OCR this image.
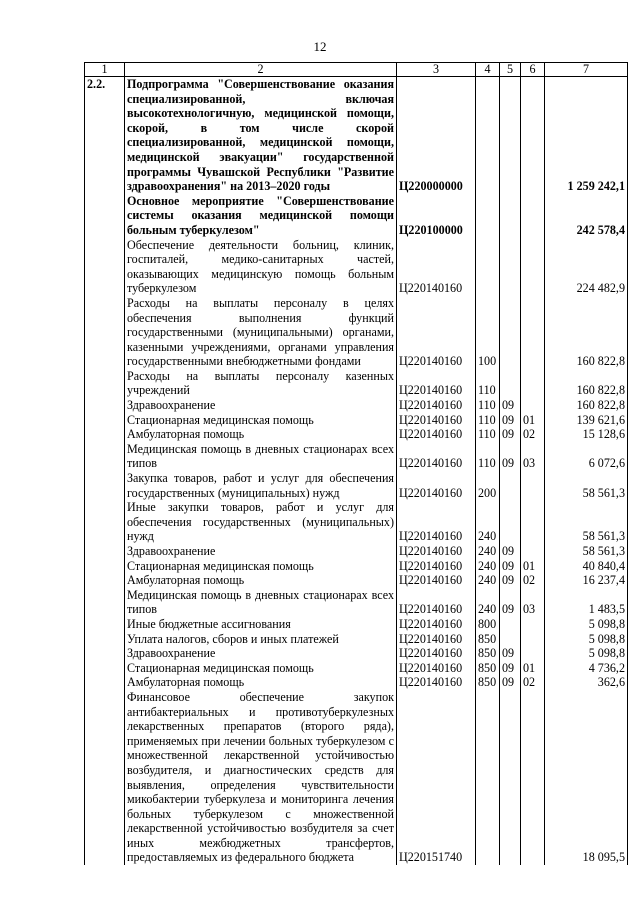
12
1	2	3	4	5	6	7
2.2.	Подпрограмма "Совершенствование оказания специализированной, включая высокотехнологичную, медицинской помощи, скорой, в том числе скорой специализированной, медицинской помощи, медицинской эвакуации" государственной программы Чувашской Республики "Развитие здравоохранения" на 2013–2020 годы	Ц220000000				1 259 242,1
	Основное мероприятие "Совершенствование системы оказания медицинской помощи больным туберкулезом"	Ц220100000				242 578,4
	Обеспечение деятельности больниц, клиник, госпиталей, медико-санитарных частей, оказывающих медицинскую помощь больным туберкулезом	Ц220140160				224 482,9
	Расходы на выплаты персоналу в целях обеспечения выполнения функций государственными (муниципальными) органами, казенными учреждениями, органами управления государственными внебюджетными фондами	Ц220140160	100			160 822,8
	Расходы на выплаты персоналу казенных учреждений	Ц220140160	110			160 822,8
	Здравоохранение	Ц220140160	110	09		160 822,8
	Стационарная медицинская помощь	Ц220140160	110	09	01	139 621,6
	Амбулаторная помощь	Ц220140160	110	09	02	15 128,6
	Медицинская помощь в дневных стационарах всех типов	Ц220140160	110	09	03	6 072,6
	Закупка товаров, работ и услуг для обеспечения государственных (муниципальных) нужд	Ц220140160	200			58 561,3
	Иные закупки товаров, работ и услуг для обеспечения государственных (муниципальных) нужд	Ц220140160	240			58 561,3
	Здравоохранение	Ц220140160	240	09		58 561,3
	Стационарная медицинская помощь	Ц220140160	240	09	01	40 840,4
	Амбулаторная помощь	Ц220140160	240	09	02	16 237,4
	Медицинская помощь в дневных стационарах всех типов	Ц220140160	240	09	03	1 483,5
	Иные бюджетные ассигнования	Ц220140160	800			5 098,8
	Уплата налогов, сборов и иных платежей	Ц220140160	850			5 098,8
	Здравоохранение	Ц220140160	850	09		5 098,8
	Стационарная медицинская помощь	Ц220140160	850	09	01	4 736,2
	Амбулаторная помощь	Ц220140160	850	09	02	362,6
	Финансовое обеспечение закупок антибактериальных и противотуберкулезных лекарственных препаратов (второго ряда), применяемых при лечении больных туберкулезом с множественной лекарственной устойчивостью возбудителя, и диагностических средств для выявления, определения чувствительности микобактерии туберкулеза и мониторинга лечения больных туберкулезом с множественной лекарственной устойчивостью возбудителя за счет иных межбюджетных трансфертов, предоставляемых из федерального бюджета	Ц220151740				18 095,5
